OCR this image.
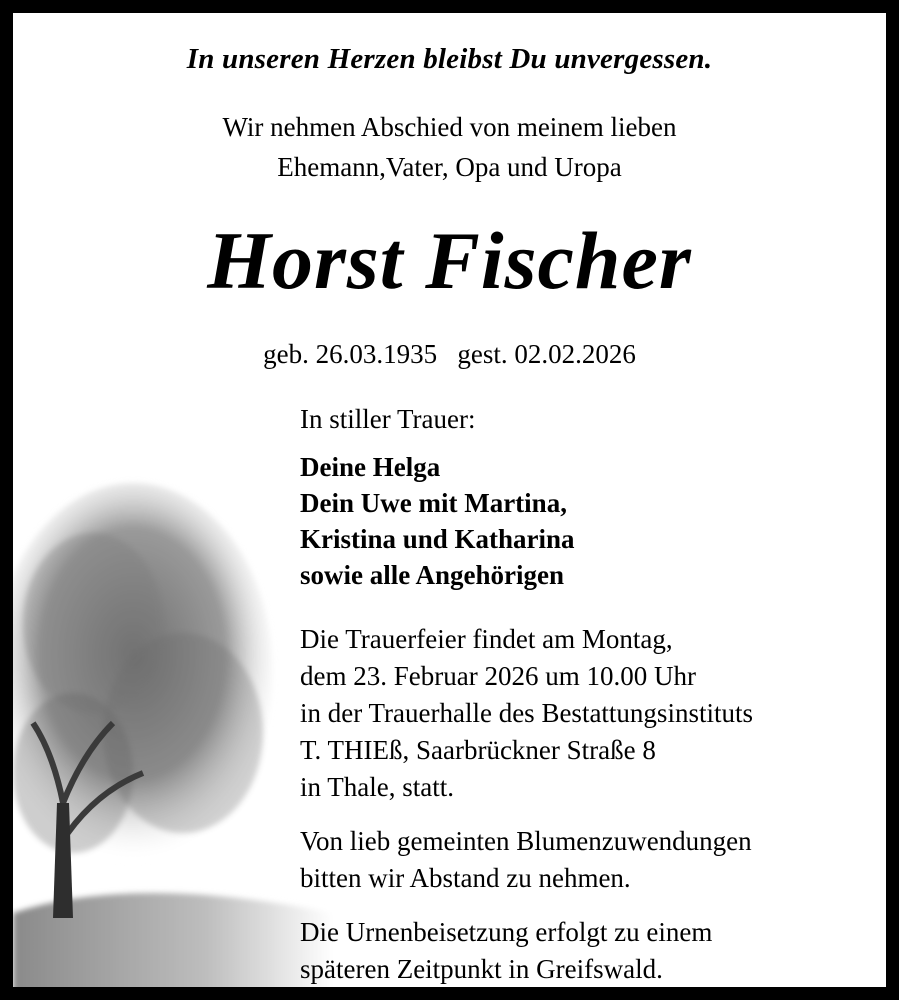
In unseren Herzen bleibst Du unvergessen.
Wir nehmen Abschied von meinem lieben
Ehemann,Vater, Opa und Uropa
Horst Fischer
geb. 26.03.1935 gest. 02.02.2026
In stiller Trauer:
Deine Helga
Dein Uwe mit Martina,
Kristina und Katharina
sowie alle Angehörigen
Die Trauerfeier findet am Montag,
dem 23. Februar 2026 um 10.00 Uhr
in der Trauerhalle des Bestattungsinstituts
T. THIEß, Saarbrückner Straße 8
in Thale, statt.
Von lieb gemeinten Blumenzuwendungen
bitten wir Abstand zu nehmen.
Die Urnenbeisetzung erfolgt zu einem
späteren Zeitpunkt in Greifswald.
